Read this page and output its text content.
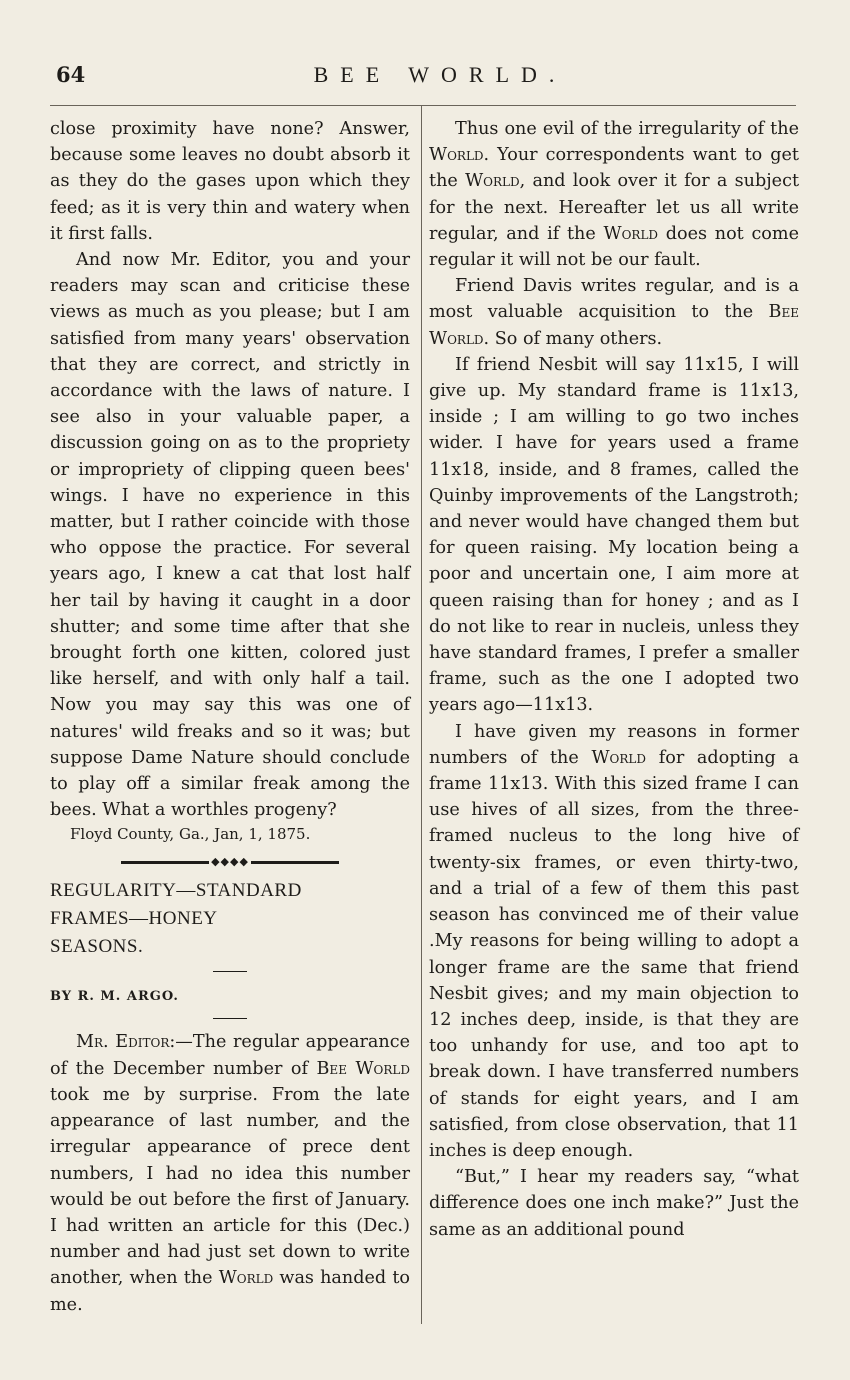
64	BEE WORLD.

close proximity have none? Answer, because some leaves no doubt absorb it as they do the gases upon which they feed; as it is very thin and watery when it first falls.

And now Mr. Editor, you and your readers may scan and criticise these views as much as you please; but I am satisfied from many years' observation that they are correct, and strictly in accordance with the laws of nature. I see also in your valuable paper, a discussion going on as to the propriety or impropriety of clipping queen bees' wings. I have no experience in this matter, but I rather coincide with those who oppose the practice. For several years ago, I knew a cat that lost half her tail by having it caught in a door shutter; and some time after that she brought forth one kitten, colored just like herself, and with only half a tail. Now you may say this was one of natures' wild freaks and so it was; but suppose Dame Nature should conclude to play off a similar freak among the bees. What a worthles progeny?

Floyd County, Ga., Jan, 1, 1875.

◆◆◆◆

REGULARITY—STANDARD

FRAMES—HONEY

SEASONS.

BY R. M. ARGO.

Mr. Editor:—The regular appearance of the December number of Bee World took me by surprise. From the late appearance of last number, and the irregular appearance of prece dent numbers, I had no idea this number would be out before the first of January. I had written an article for this (Dec.) number and had just set down to write another, when the World was handed to me.

Thus one evil of the irregularity of the World. Your correspondents want to get the World, and look over it for a subject for the next. Hereafter let us all write regular, and if the World does not come regular it will not be our fault.

Friend Davis writes regular, and is a most valuable acquisition to the Bee World. So of many others.

If friend Nesbit will say 11x15, I will give up. My standard frame is 11x13, inside ; I am willing to go two inches wider. I have for years used a frame 11x18, inside, and 8 frames, called the Quinby improvements of the Langstroth; and never would have changed them but for queen raising. My location being a poor and uncertain one, I aim more at queen raising than for honey ; and as I do not like to rear in nucleis, unless they have standard frames, I prefer a smaller frame, such as the one I adopted two years ago—11x13.

I have given my reasons in former numbers of the World for adopting a frame 11x13. With this sized frame I can use hives of all sizes, from the three-framed nucleus to the long hive of twenty-six frames, or even thirty-two, and a trial of a few of them this past season has convinced me of their value .My reasons for being willing to adopt a longer frame are the same that friend Nesbit gives; and my main objection to 12 inches deep, inside, is that they are too unhandy for use, and too apt to break down. I have transferred numbers of stands for eight years, and I am satisfied, from close observation, that 11 inches is deep enough.

“But,” I hear my readers say, “what difference does one inch make?” Just the same as an additional pound
